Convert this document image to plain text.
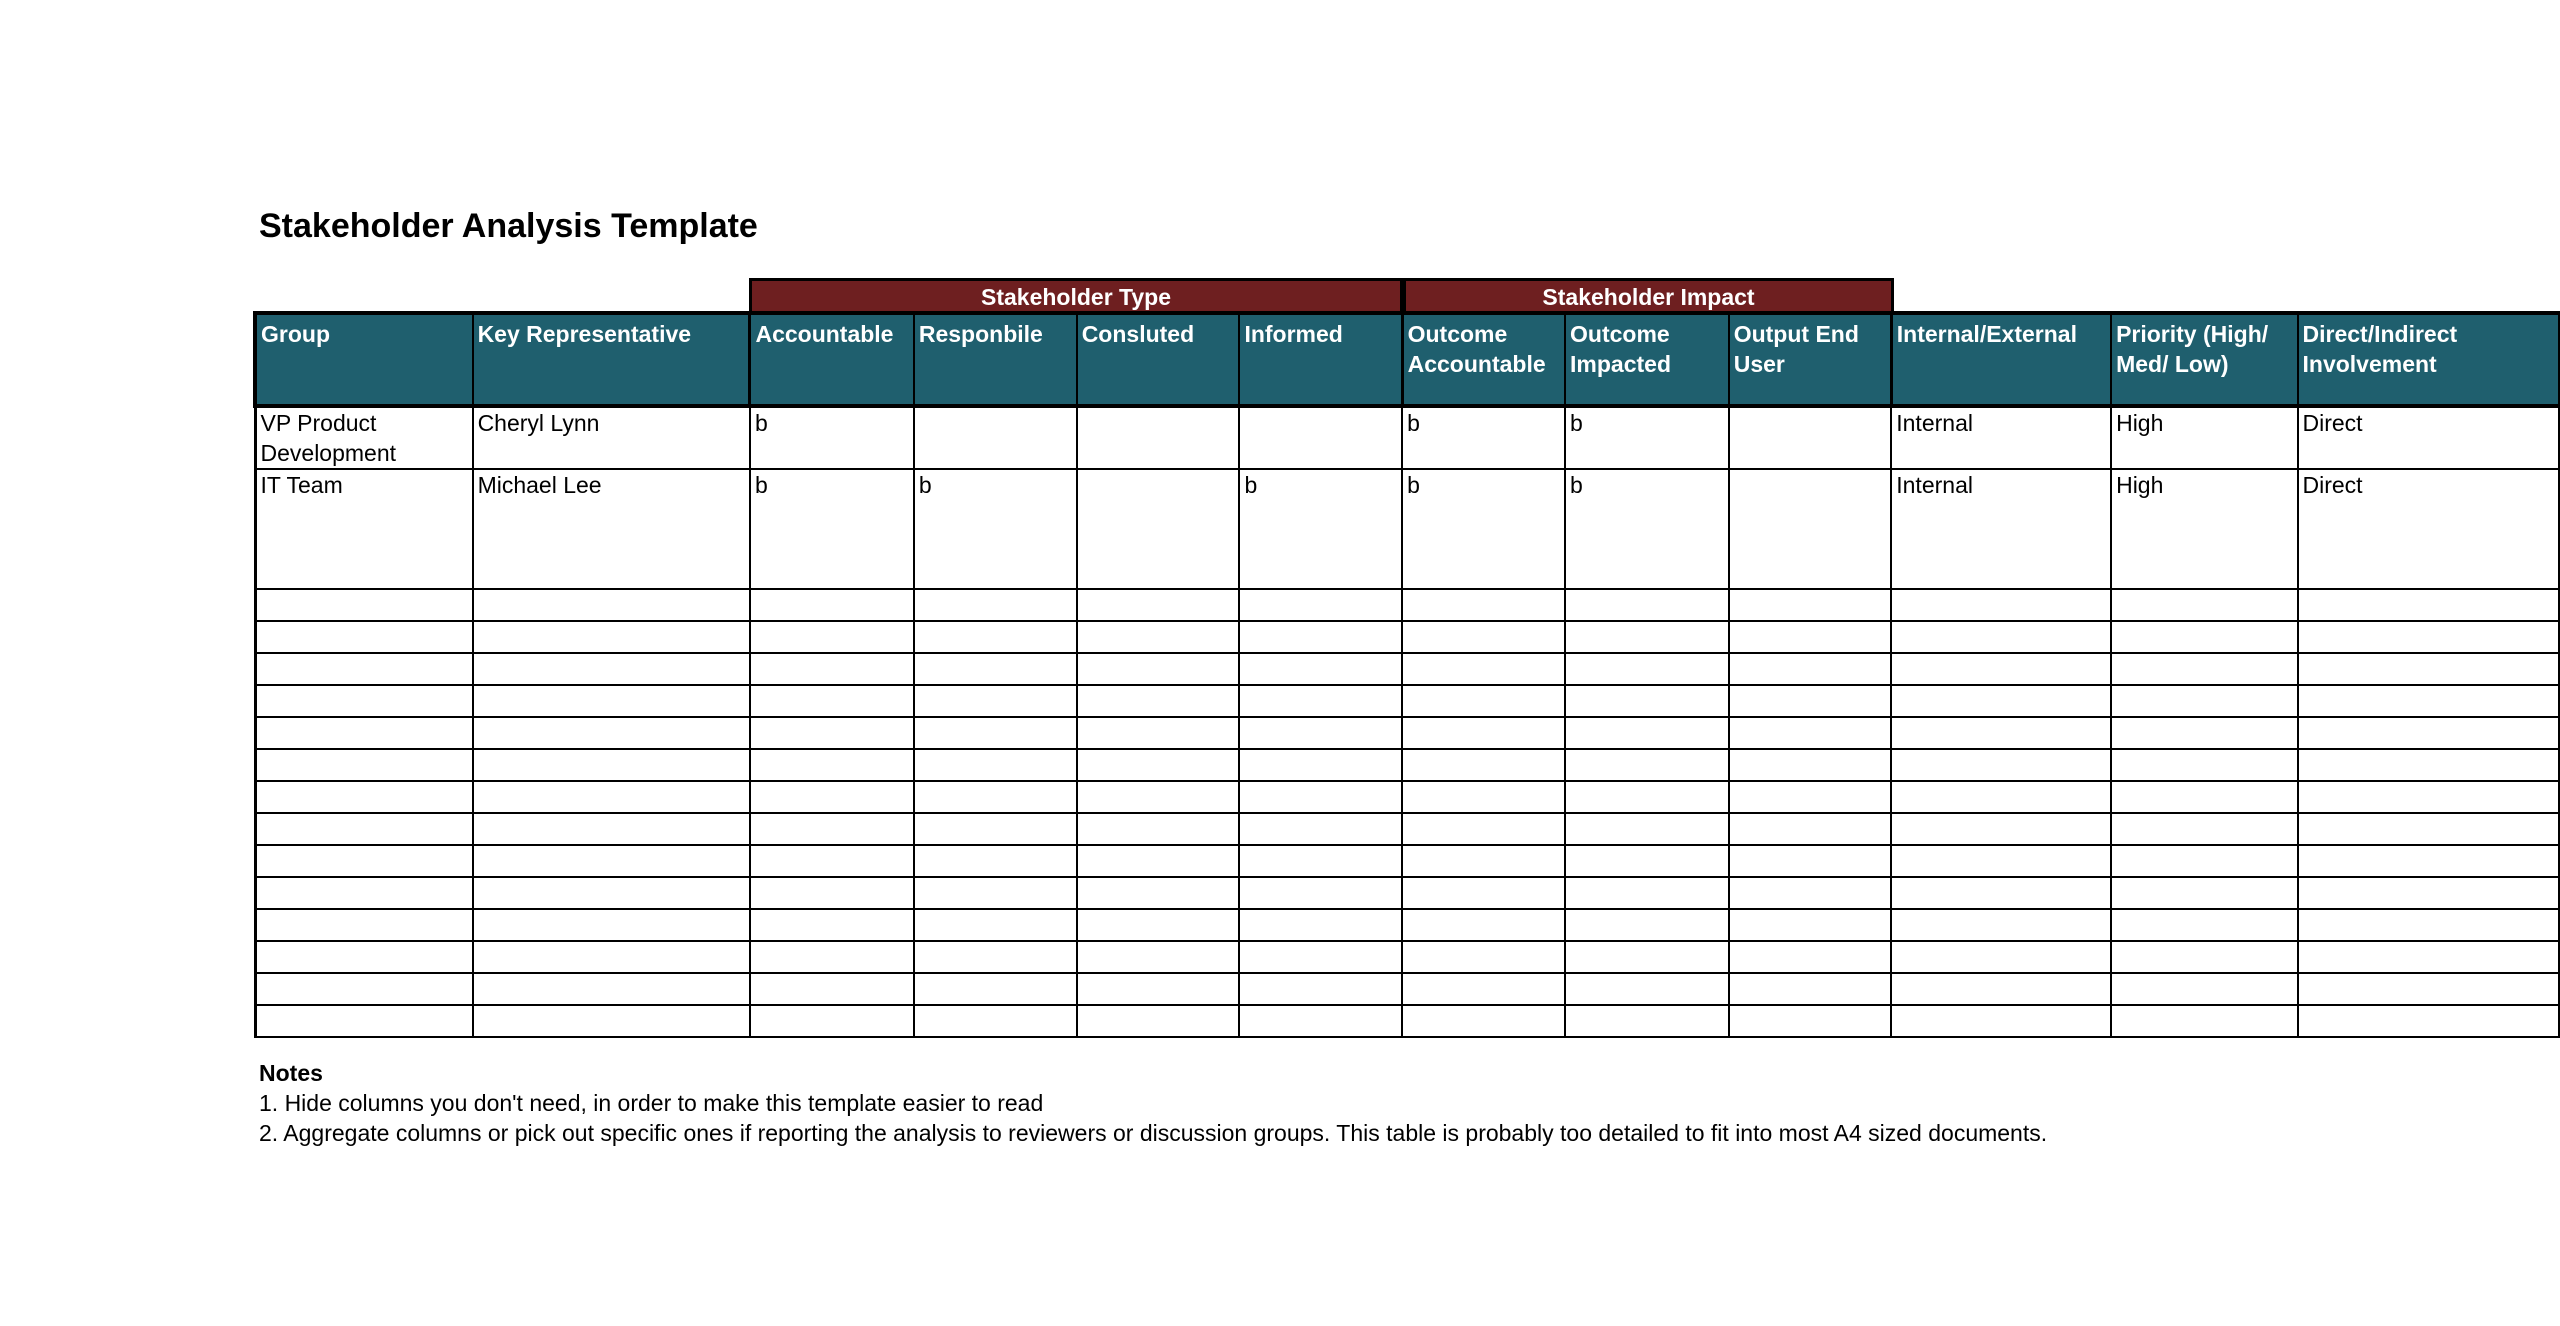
Stakeholder Analysis Template
Stakeholder Type	Stakeholder Impact
Group	Key Representative	Accountable	Responbile	Consluted	Informed	Outcome Accountable	Outcome Impacted	Output End User	Internal/External	Priority (High/ Med/ Low)	Direct/Indirect Involvement
VP Product Development	Cheryl Lynn	b				b	b		Internal	High	Direct
IT Team	Michael Lee	b	b		b	b	b		Internal	High	Direct

Notes
1. Hide columns you don't need, in order to make this template easier to read
2. Aggregate columns or pick out specific ones if reporting the analysis to reviewers or discussion groups. This table is probably too detailed to fit into most A4 sized documents.
